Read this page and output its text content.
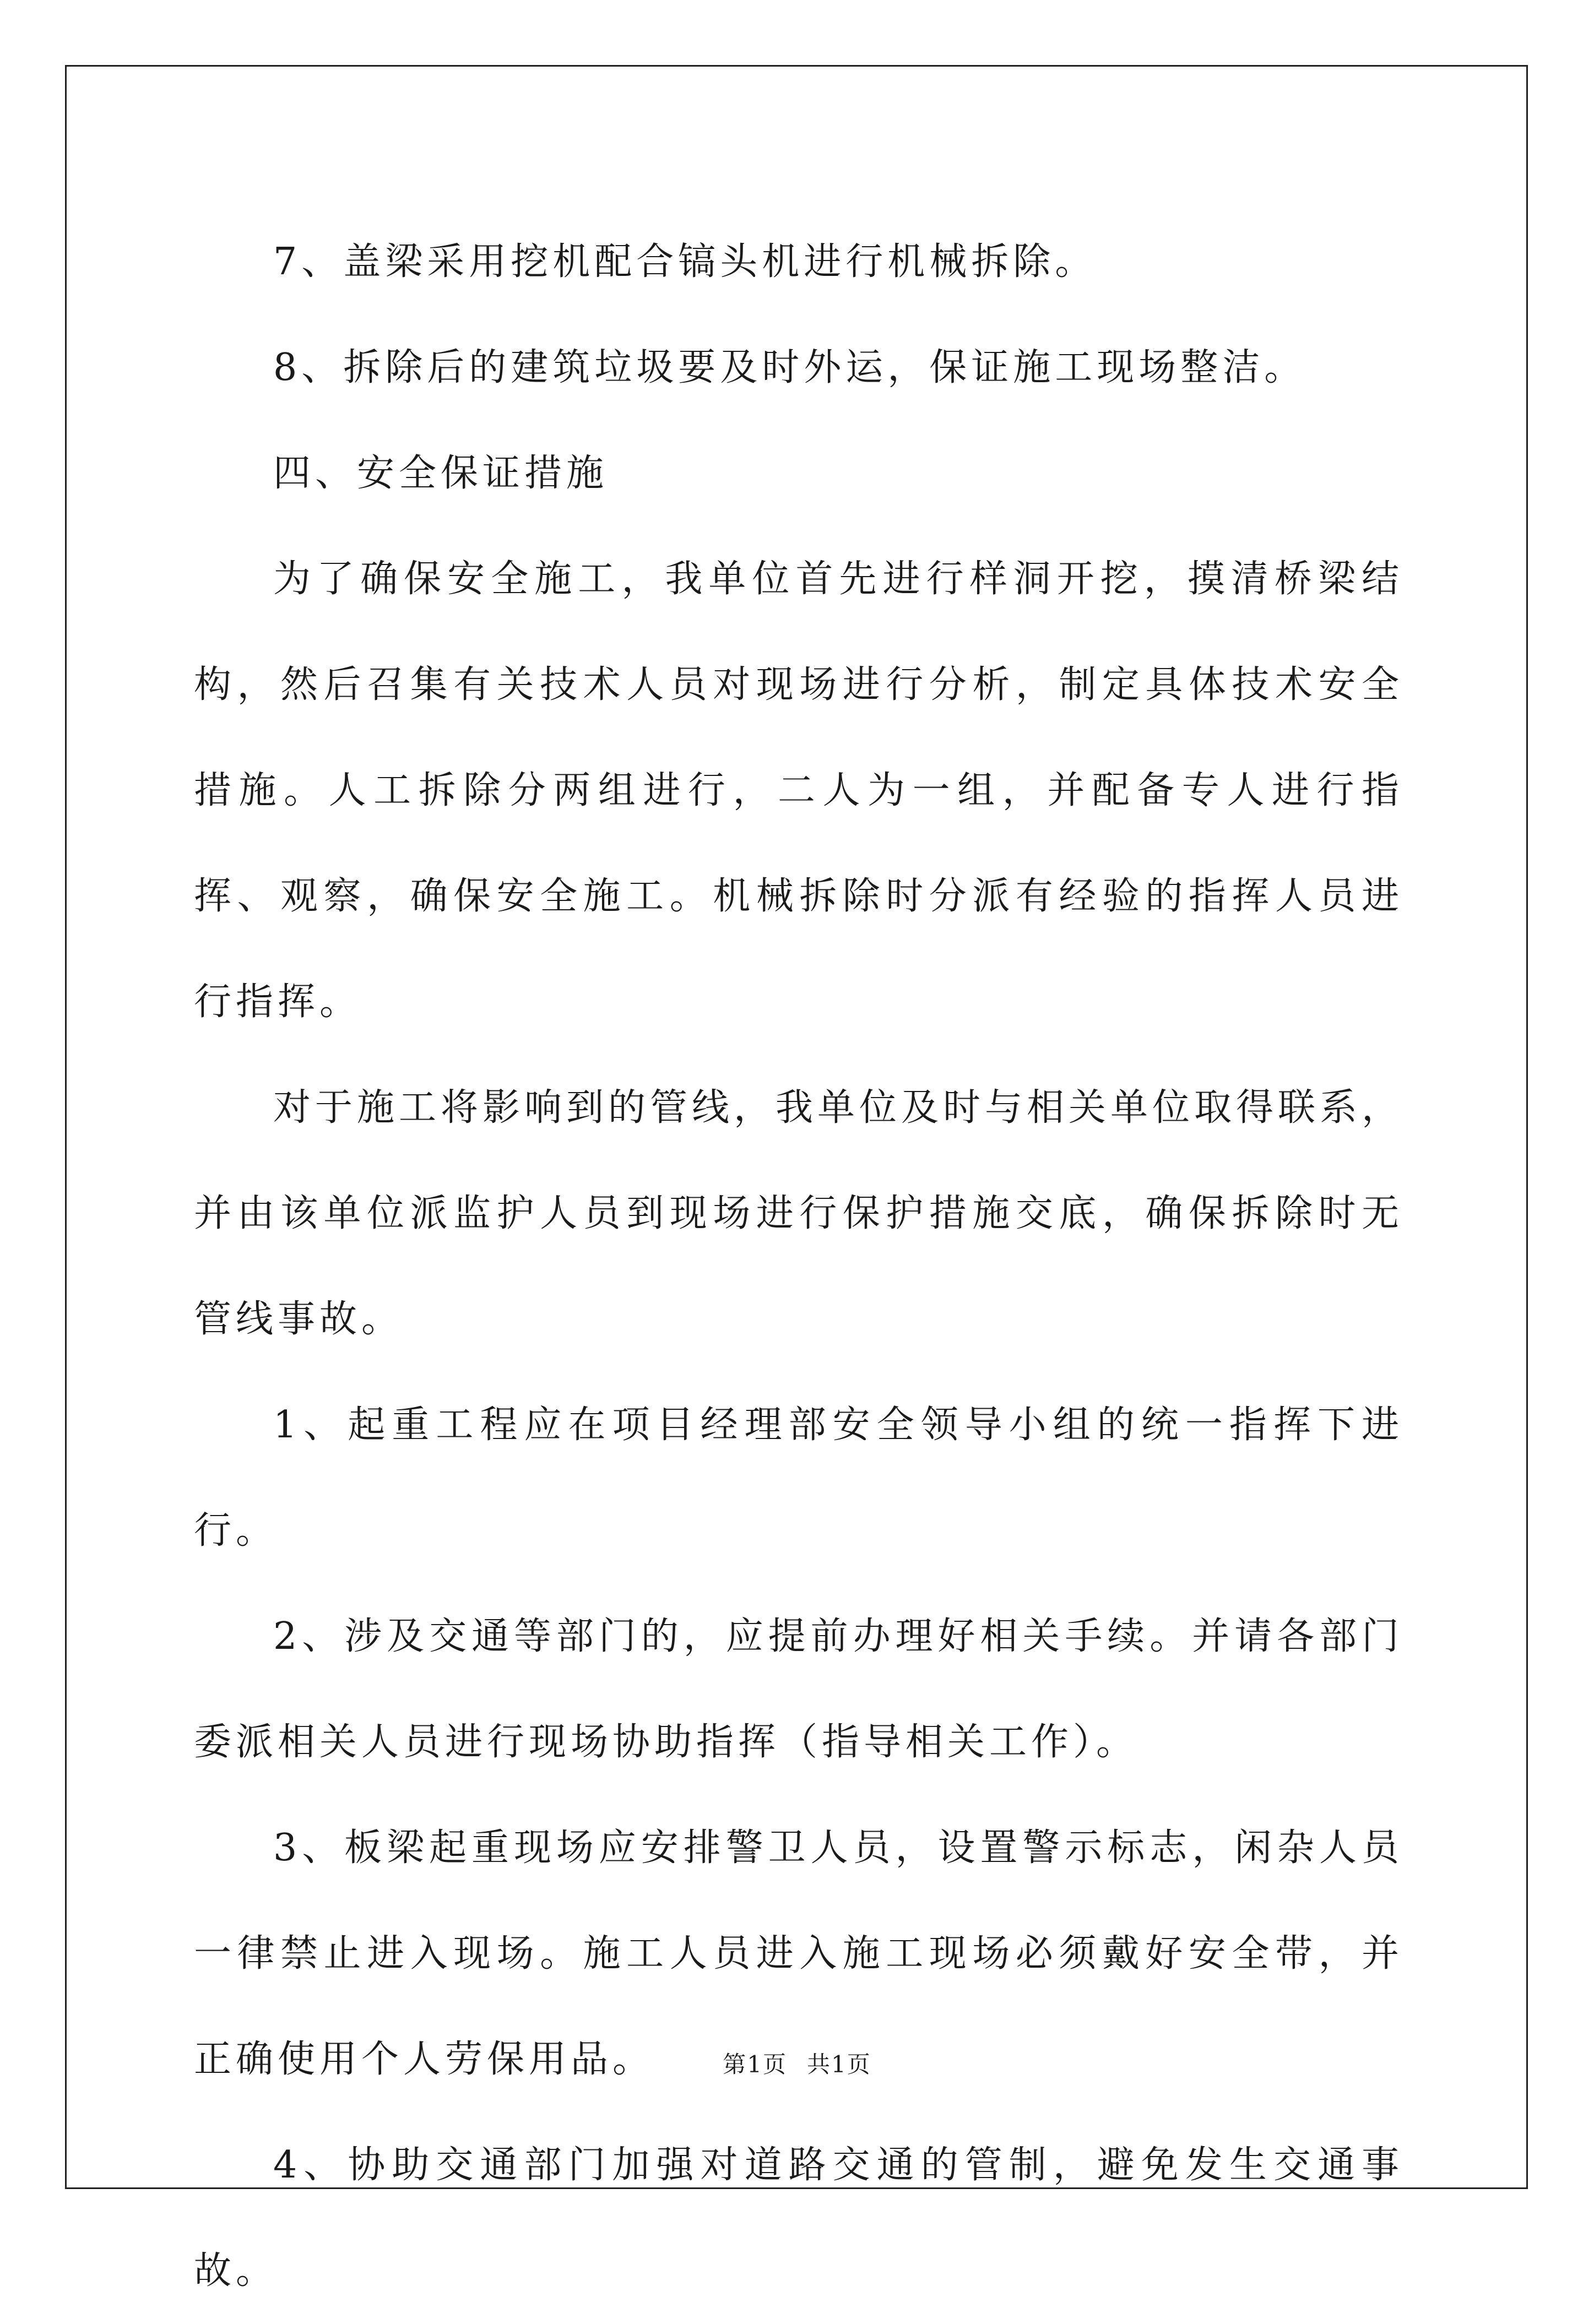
7、盖梁采用挖机配合镐头机进行机械拆除。

8、拆除后的建筑垃圾要及时外运，保证施工现场整洁。

四、安全保证措施

为了确保安全施工，我单位首先进行样洞开挖，摸清桥梁结构，然后召集有关技术人员对现场进行分析，制定具体技术安全措施。人工拆除分两组进行，二人为一组，并配备专人进行指挥、观察，确保安全施工。机械拆除时分派有经验的指挥人员进行指挥。

对于施工将影响到的管线，我单位及时与相关单位取得联系，并由该单位派监护人员到现场进行保护措施交底，确保拆除时无管线事故。

1、起重工程应在项目经理部安全领导小组的统一指挥下进行。

2、涉及交通等部门的，应提前办理好相关手续。并请各部门委派相关人员进行现场协助指挥（指导相关工作）。

3、板梁起重现场应安排警卫人员，设置警示标志，闲杂人员一律禁止进入现场。施工人员进入施工现场必须戴好安全带，并正确使用个人劳保用品。

4、协助交通部门加强对道路交通的管制，避免发生交通事故。

第1页 共1页
